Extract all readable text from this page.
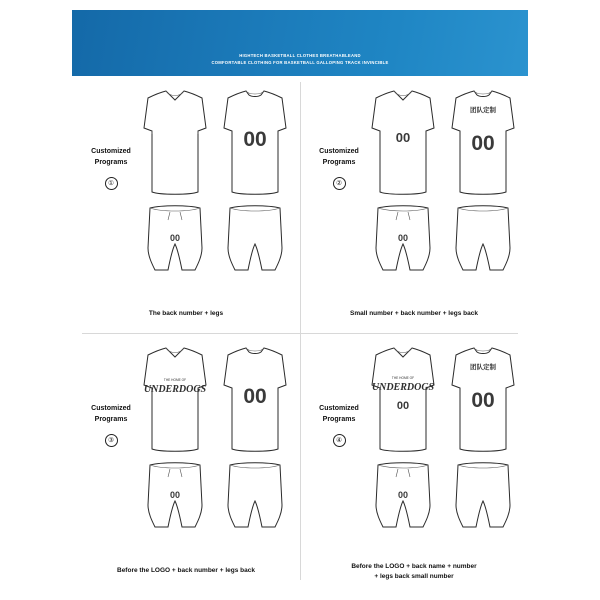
HIGHTECH BASKETBALL CLOTHES BREATHABLEAND
COMFORTABLE CLOTHING FOR BASKETBALL GALLOPING TRACK INVINCIBLE
Customized
Programs
①
00
00
The back number + legs
Customized
Programs
②
00
00
团队定制
00
Small number + back number + legs back
Customized
Programs
③
THE HOME OF
UNDERDOGS
00
00
Before the LOGO + back number + legs back
Customized
Programs
④
THE HOME OF
UNDERDOGS
00
00
团队定制
00
Before the LOGO + back name + number
+ legs back small number
